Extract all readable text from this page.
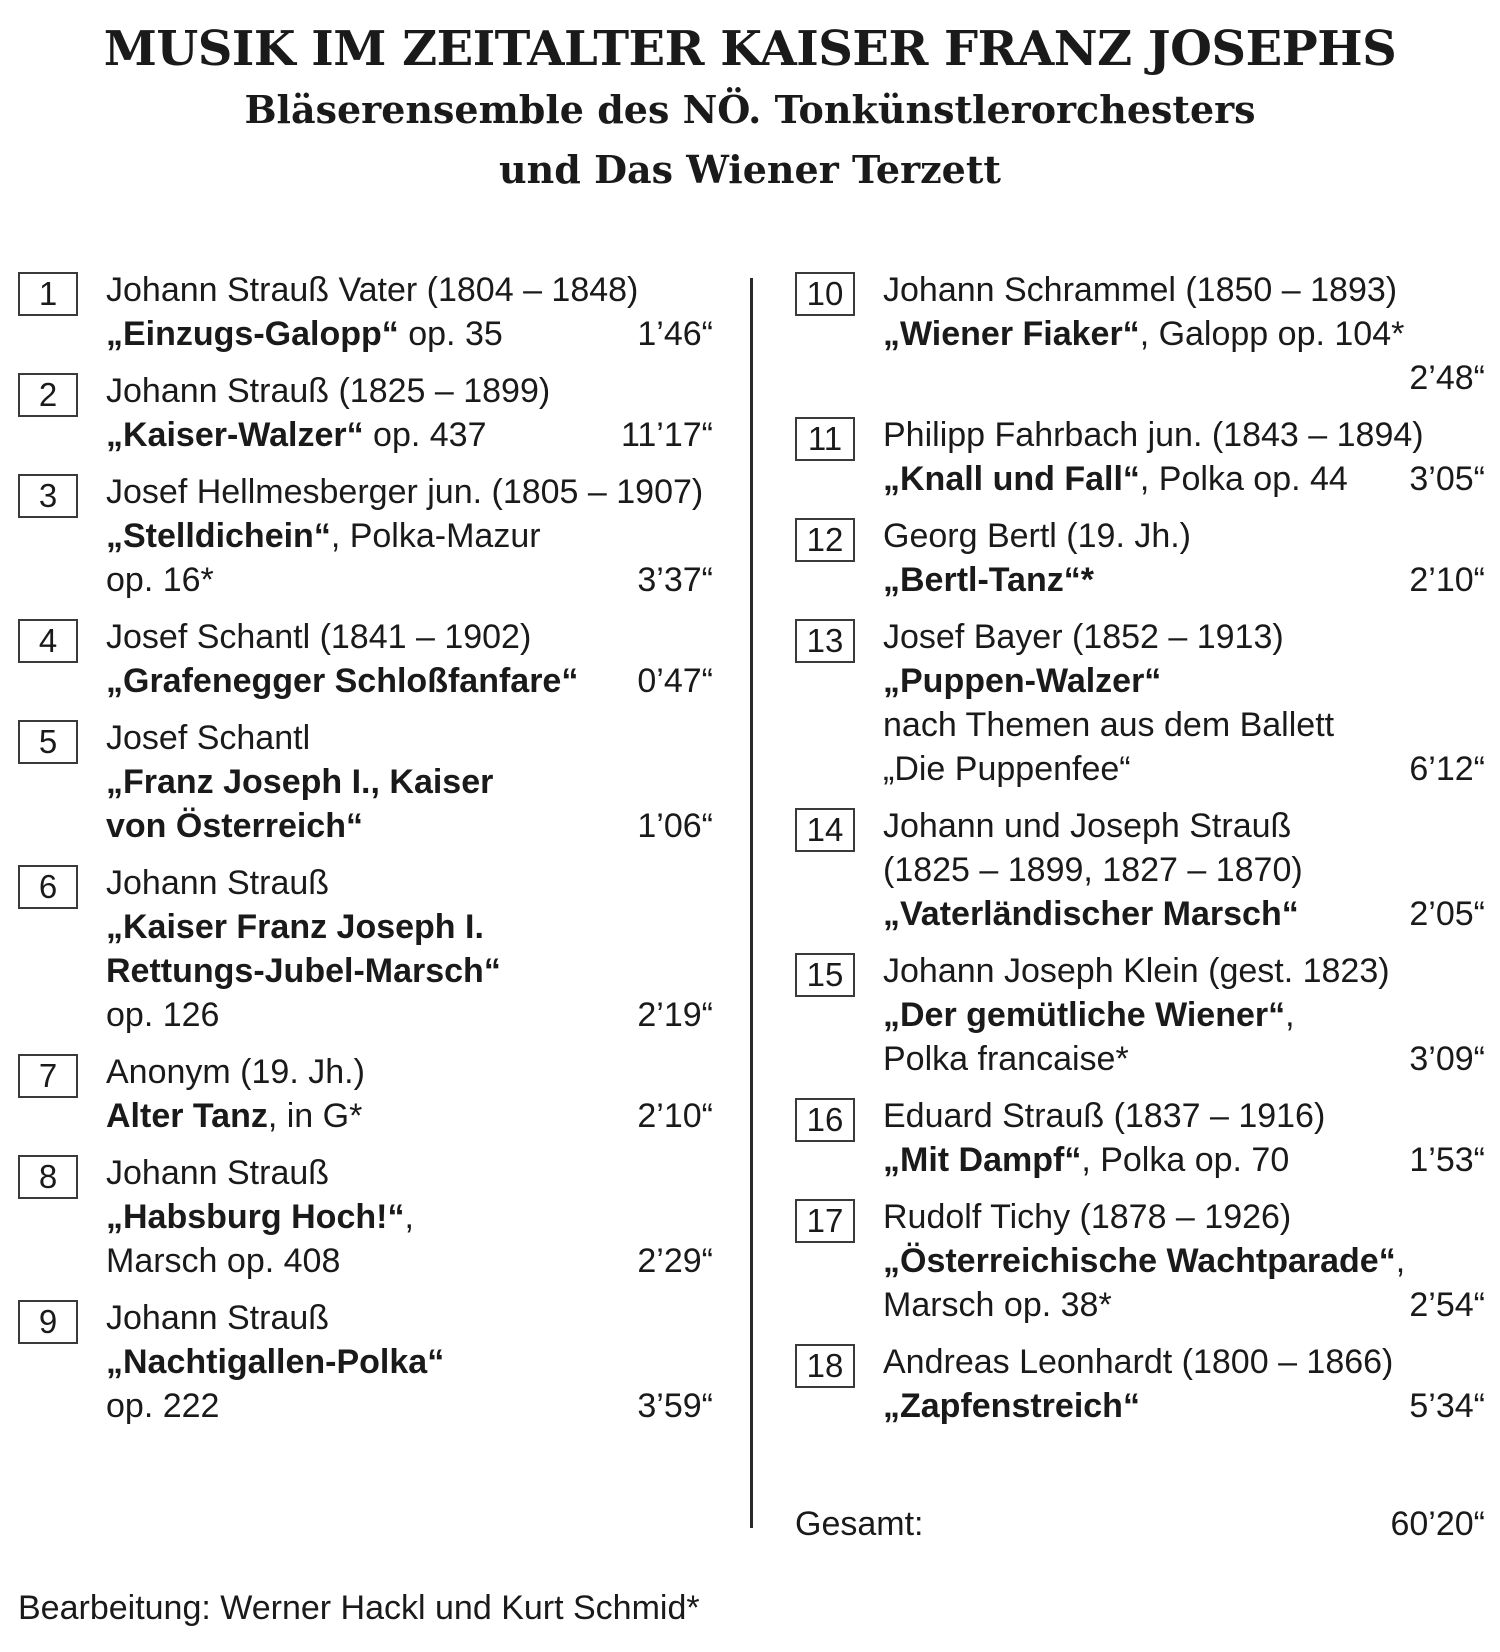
MUSIK IM ZEITALTER KAISER FRANZ JOSEPHS
Bläserensemble des NÖ. Tonkünstlerorchesters
und Das Wiener Terzett
1	Johann Strauß Vater (1804 – 1848)
„Einzugs-Galopp“ op. 35	1’46“
2	Johann Strauß (1825 – 1899)
„Kaiser-Walzer“ op. 437	11’17“
3	Josef Hellmesberger jun. (1805 – 1907)
„Stelldichein“, Polka-Mazur
op. 16*	3’37“
4	Josef Schantl (1841 – 1902)
„Grafenegger Schloßfanfare“ 0’47“
5	Josef Schantl
„Franz Joseph I., Kaiser
von Österreich“	1’06“
6	Johann Strauß
„Kaiser Franz Joseph I.
Rettungs-Jubel-Marsch“
op. 126	2’19“
7	Anonym (19. Jh.)
Alter Tanz, in G*	2’10“
8	Johann Strauß
„Habsburg Hoch!“,
Marsch op. 408	2’29“
9	Johann Strauß
„Nachtigallen-Polka“
op. 222	3’59“
10	Johann Schrammel (1850 – 1893)
„Wiener Fiaker“, Galopp op. 104*

2’48“
11	Philipp Fahrbach jun. (1843 – 1894)
„Knall und Fall“, Polka op. 44 3’05“
12	Georg Bertl (19. Jh.)
„Bertl-Tanz“*	2’10“
13	Josef Bayer (1852 – 1913)
„Puppen-Walzer“
nach Themen aus dem Ballett
„Die Puppenfee“	6’12“
14	Johann und Joseph Strauß
(1825 – 1899, 1827 – 1870)
„Vaterländischer Marsch“	2’05“
15	Johann Joseph Klein (gest. 1823)
„Der gemütliche Wiener“,
Polka francaise*	3’09“
16	Eduard Strauß (1837 – 1916)
„Mit Dampf“, Polka op. 70	1’53“
17	Rudolf Tichy (1878 – 1926)
„Österreichische Wachtparade“,
Marsch op. 38*	2’54“
18	Andreas Leonhardt (1800 – 1866)
„Zapfenstreich“	5’34“
Gesamt:	60’20“
Bearbeitung: Werner Hackl und Kurt Schmid*
